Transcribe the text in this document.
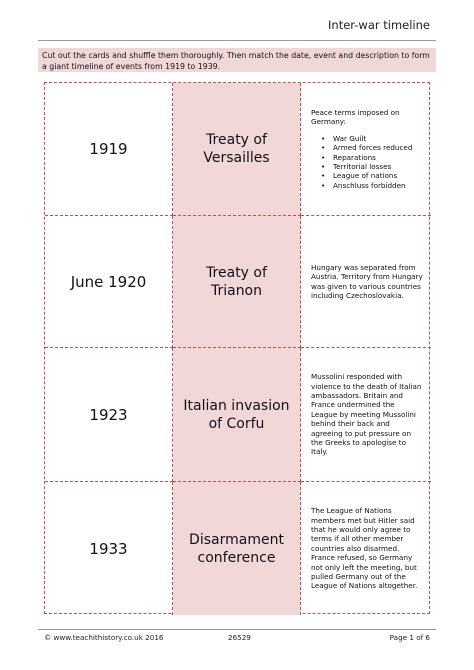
Inter-war timeline
Cut out the cards and shuffle them thoroughly. Then match the date, event and description to form a giant timeline of events from 1919 to 1939.
1919	Treaty of
Versailles
Peace terms imposed on Germany:
• War Guilt
• Armed forces reduced
• Reparations
• Territorial losses
• League of nations
• Anschluss forbidden
June 1920	Treaty of
Trianon
Hungary was separated from Austria. Territory from Hungary was given to various countries including Czechoslovakia.
1923	Italian invasion
of Corfu
Mussolini responded with violence to the death of Italian ambassadors. Britain and France undermined the League by meeting Mussolini behind their back and agreeing to put pressure on the Greeks to apologise to Italy.
1933	Disarmament
conference
The League of Nations members met but Hitler said that he would only agree to terms if all other member countries also disarmed. France refused, so Germany not only left the meeting, but pulled Germany out of the League of Nations altogether.
© www.teachithistory.co.uk 2016	26529	Page 1 of 6
